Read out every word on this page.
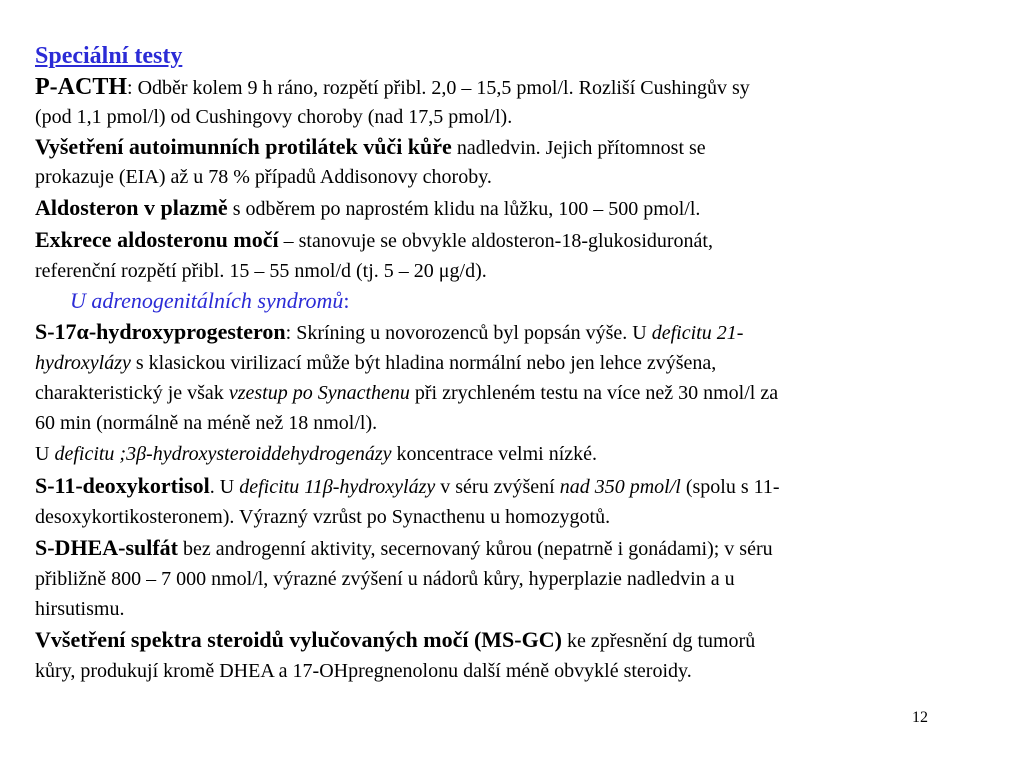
Speciální testy
P-ACTH: Odběr kolem 9 h ráno, rozpětí přibl. 2,0 – 15,5 pmol/l. Rozliší Cushingův sy
(pod 1,1 pmol/l) od Cushingovy choroby (nad 17,5 pmol/l).
Vyšetření autoimunních protilátek vůči kůře nadledvin. Jejich přítomnost se
prokazuje (EIA) až u 78 % případů Addisonovy choroby.
Aldosteron v plazmě s odběrem po naprostém klidu na lůžku, 100 – 500 pmol/l.
Exkrece aldosteronu močí – stanovuje se obvykle aldosteron-18-glukosiduronát,
referenční rozpětí přibl. 15 – 55 nmol/d (tj. 5 – 20 μg/d).
U adrenogenitálních syndromů:
S-17α-hydroxyprogesteron: Skríning u novorozenců byl popsán výše. U deficitu 21-
hydroxylázy s klasickou virilizací může být hladina normální nebo jen lehce zvýšena,
charakteristický je však vzestup po Synacthenu při zrychleném testu na více než 30 nmol/l za
60 min (normálně na méně než 18 nmol/l).
U deficitu ;3β-hydroxysteroiddehydrogenázy koncentrace velmi nízké.
S-11-deoxykortisol. U deficitu 11β-hydroxylázy v séru zvýšení nad 350 pmol/l (spolu s 11-
desoxykortikosteronem). Výrazný vzrůst po Synacthenu u homozygotů.
S-DHEA-sulfát bez androgenní aktivity, secernovaný kůrou (nepatrně i gonádami); v séru
přibližně 800 – 7 000 nmol/l, výrazné zvýšení u nádorů kůry, hyperplazie nadledvin a u
hirsutismu.
Vvšetření spektra steroidů vylučovaných močí (MS-GC) ke zpřesnění dg tumorů
kůry, produkují kromě DHEA a 17-OHpregnenolonu další méně obvyklé steroidy.
12
